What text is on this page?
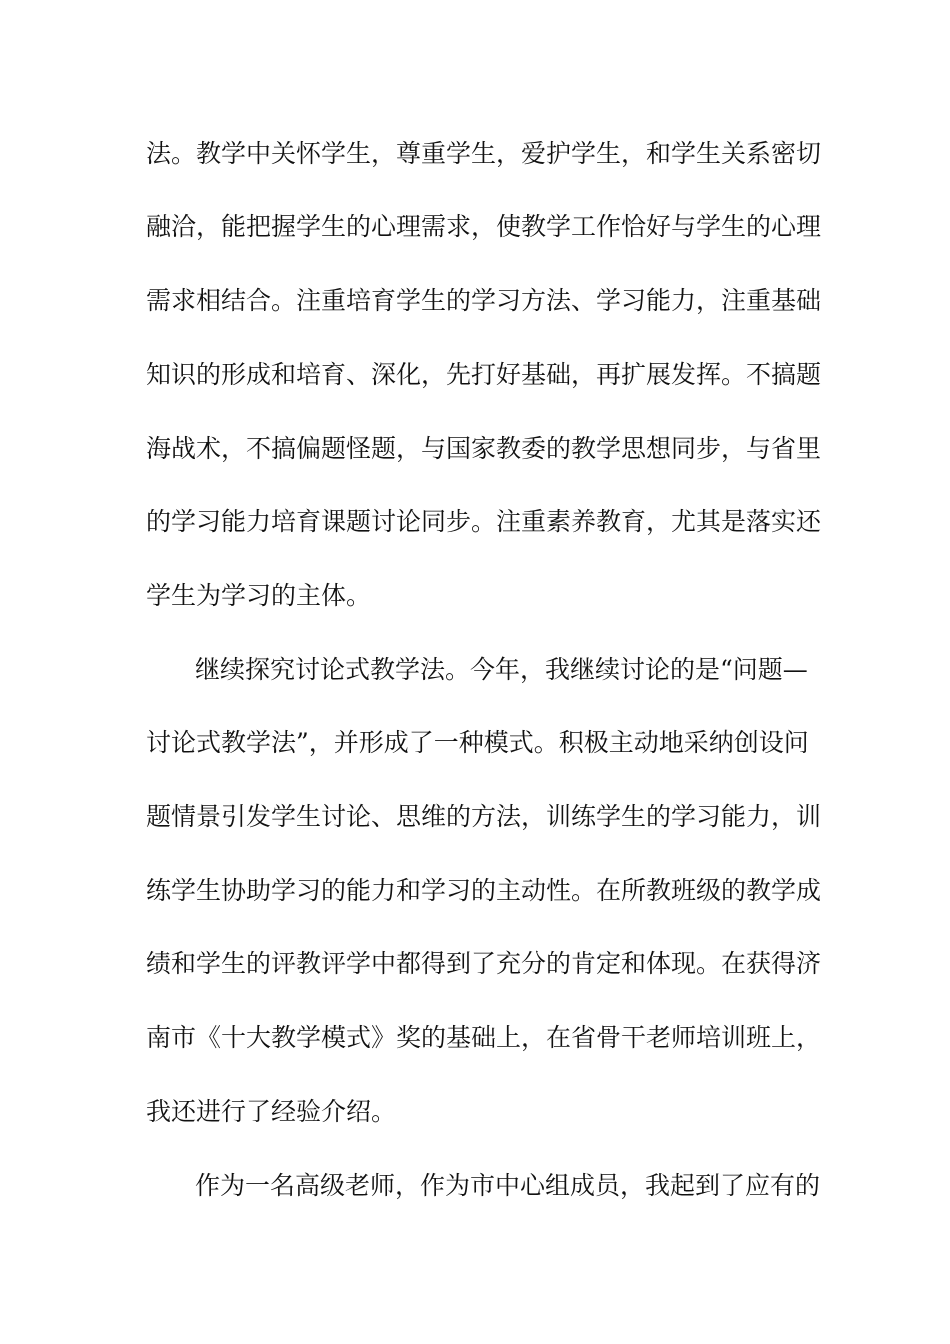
法。教学中关怀学生，尊重学生，爱护学生，和学生关系密切
融洽，能把握学生的心理需求，使教学工作恰好与学生的心理
需求相结合。注重培育学生的学习方法、学习能力，注重基础
知识的形成和培育、深化，先打好基础，再扩展发挥。不搞题
海战术，不搞偏题怪题，与国家教委的教学思想同步，与省里
的学习能力培育课题讨论同步。注重素养教育，尤其是落实还
学生为学习的主体。
继续探究讨论式教学法。今年，我继续讨论的是“问题—
讨论式教学法”，并形成了一种模式。积极主动地采纳创设问
题情景引发学生讨论、思维的方法，训练学生的学习能力，训
练学生协助学习的能力和学习的主动性。在所教班级的教学成
绩和学生的评教评学中都得到了充分的肯定和体现。在获得济
南市《十大教学模式》奖的基础上，在省骨干老师培训班上，
我还进行了经验介绍。
作为一名高级老师，作为市中心组成员，我起到了应有的
